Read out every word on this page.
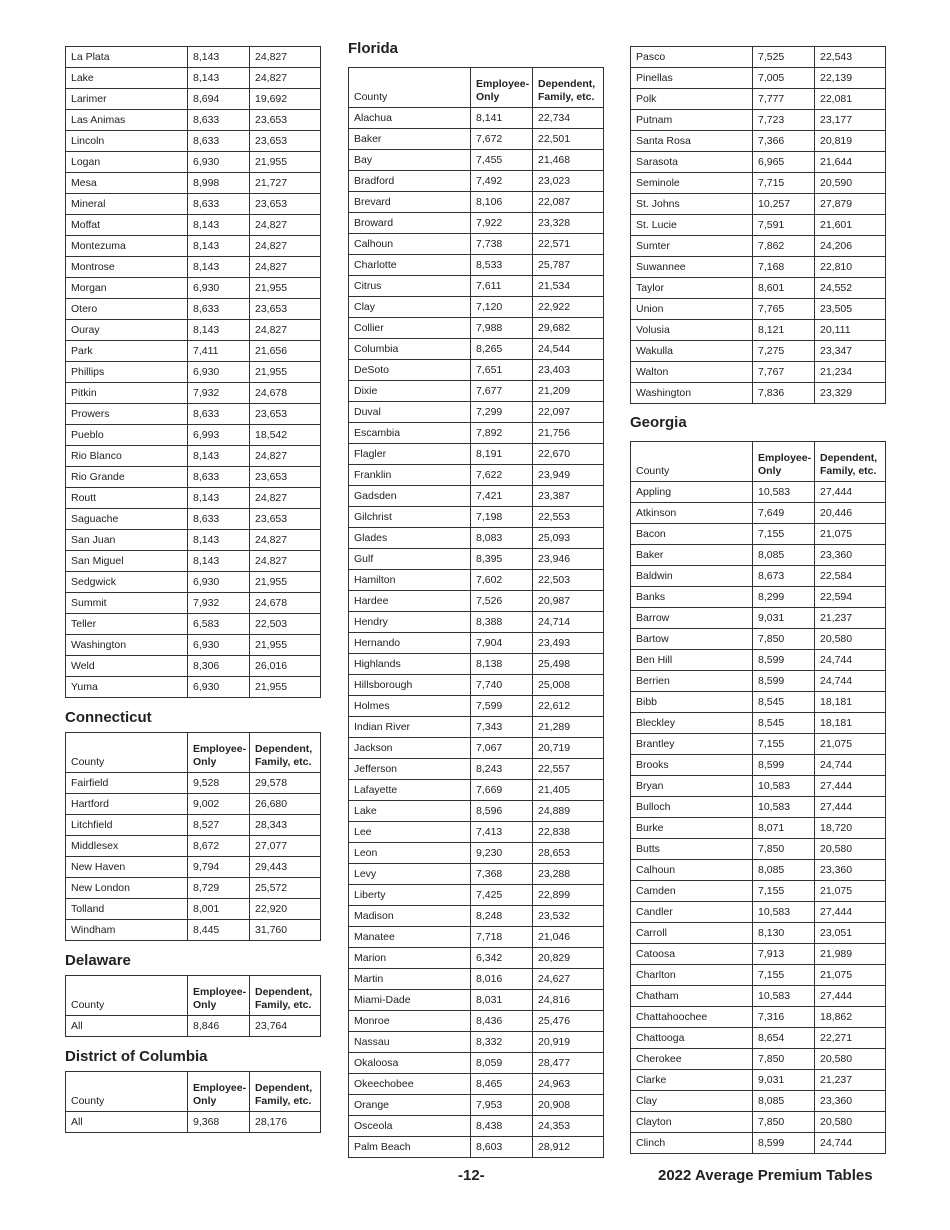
La Plata	8,143	24,827
Lake	8,143	24,827
Larimer	8,694	19,692
Las Animas	8,633	23,653
Lincoln	8,633	23,653
Logan	6,930	21,955
Mesa	8,998	21,727
Mineral	8,633	23,653
Moffat	8,143	24,827
Montezuma	8,143	24,827
Montrose	8,143	24,827
Morgan	6,930	21,955
Otero	8,633	23,653
Ouray	8,143	24,827
Park	7,411	21,656
Phillips	6,930	21,955
Pitkin	7,932	24,678
Prowers	8,633	23,653
Pueblo	6,993	18,542
Rio Blanco	8,143	24,827
Rio Grande	8,633	23,653
Routt	8,143	24,827
Saguache	8,633	23,653
San Juan	8,143	24,827
San Miguel	8,143	24,827
Sedgwick	6,930	21,955
Summit	7,932	24,678
Teller	6,583	22,503
Washington	6,930	21,955
Weld	8,306	26,016
Yuma	6,930	21,955
Connecticut
County	Employee-Only	Dependent, Family, etc.
Fairfield	9,528	29,578
Hartford	9,002	26,680
Litchfield	8,527	28,343
Middlesex	8,672	27,077
New Haven	9,794	29,443
New London	8,729	25,572
Tolland	8,001	22,920
Windham	8,445	31,760
Delaware
County	Employee-Only	Dependent, Family, etc.
All	8,846	23,764
District of Columbia
County	Employee-Only	Dependent, Family, etc.
All	9,368	28,176
Florida
County	Employee-Only	Dependent, Family, etc.
Alachua	8,141	22,734
Baker	7,672	22,501
Bay	7,455	21,468
Bradford	7,492	23,023
Brevard	8,106	22,087
Broward	7,922	23,328
Calhoun	7,738	22,571
Charlotte	8,533	25,787
Citrus	7,611	21,534
Clay	7,120	22,922
Collier	7,988	29,682
Columbia	8,265	24,544
DeSoto	7,651	23,403
Dixie	7,677	21,209
Duval	7,299	22,097
Escambia	7,892	21,756
Flagler	8,191	22,670
Franklin	7,622	23,949
Gadsden	7,421	23,387
Gilchrist	7,198	22,553
Glades	8,083	25,093
Gulf	8,395	23,946
Hamilton	7,602	22,503
Hardee	7,526	20,987
Hendry	8,388	24,714
Hernando	7,904	23,493
Highlands	8,138	25,498
Hillsborough	7,740	25,008
Holmes	7,599	22,612
Indian River	7,343	21,289
Jackson	7,067	20,719
Jefferson	8,243	22,557
Lafayette	7,669	21,405
Lake	8,596	24,889
Lee	7,413	22,838
Leon	9,230	28,653
Levy	7,368	23,288
Liberty	7,425	22,899
Madison	8,248	23,532
Manatee	7,718	21,046
Marion	6,342	20,829
Martin	8,016	24,627
Miami-Dade	8,031	24,816
Monroe	8,436	25,476
Nassau	8,332	20,919
Okaloosa	8,059	28,477
Okeechobee	8,465	24,963
Orange	7,953	20,908
Osceola	8,438	24,353
Palm Beach	8,603	28,912
Pasco	7,525	22,543
Pinellas	7,005	22,139
Polk	7,777	22,081
Putnam	7,723	23,177
Santa Rosa	7,366	20,819
Sarasota	6,965	21,644
Seminole	7,715	20,590
St. Johns	10,257	27,879
St. Lucie	7,591	21,601
Sumter	7,862	24,206
Suwannee	7,168	22,810
Taylor	8,601	24,552
Union	7,765	23,505
Volusia	8,121	20,111
Wakulla	7,275	23,347
Walton	7,767	21,234
Washington	7,836	23,329
Georgia
County	Employee-Only	Dependent, Family, etc.
Appling	10,583	27,444
Atkinson	7,649	20,446
Bacon	7,155	21,075
Baker	8,085	23,360
Baldwin	8,673	22,584
Banks	8,299	22,594
Barrow	9,031	21,237
Bartow	7,850	20,580
Ben Hill	8,599	24,744
Berrien	8,599	24,744
Bibb	8,545	18,181
Bleckley	8,545	18,181
Brantley	7,155	21,075
Brooks	8,599	24,744
Bryan	10,583	27,444
Bulloch	10,583	27,444
Burke	8,071	18,720
Butts	7,850	20,580
Calhoun	8,085	23,360
Camden	7,155	21,075
Candler	10,583	27,444
Carroll	8,130	23,051
Catoosa	7,913	21,989
Charlton	7,155	21,075
Chatham	10,583	27,444
Chattahoochee	7,316	18,862
Chattooga	8,654	22,271
Cherokee	7,850	20,580
Clarke	9,031	21,237
Clay	8,085	23,360
Clayton	7,850	20,580
Clinch	8,599	24,744
-12-	2022 Average Premium Tables
